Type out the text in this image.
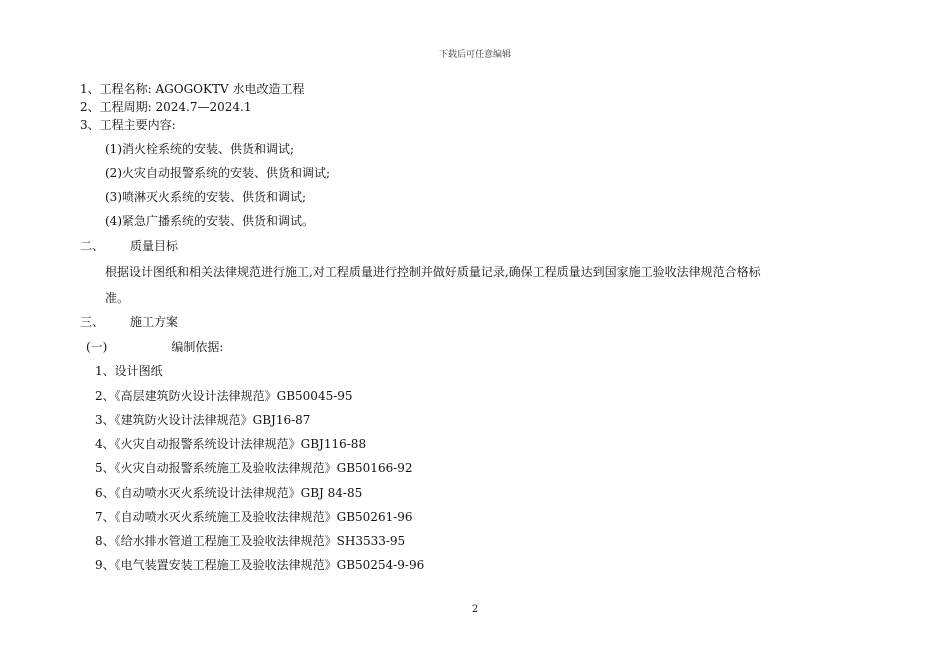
下载后可任意编辑
1、工程名称: AGOGOKTV 水电改造工程
2、工程周期: 2024.7—2024.1
3、工程主要内容:
(1)消火栓系统的安装、供货和调试;
(2)火灾自动报警系统的安装、供货和调试;
(3)喷淋灭火系统的安装、供货和调试;
(4)紧急广播系统的安装、供货和调试。
二、 质量目标
根据设计图纸和相关法律规范进行施工,对工程质量进行控制并做好质量记录,确保工程质量达到国家施工验收法律规范合格标
准。
三、 施工方案
(一)	编制依据:
1、设计图纸
2、《高层建筑防火设计法律规范》GB50045-95
3、《建筑防火设计法律规范》GBJ16-87
4、《火灾自动报警系统设计法律规范》GBJ116-88
5、《火灾自动报警系统施工及验收法律规范》GB50166-92
6、《自动喷水灭火系统设计法律规范》GBJ 84-85
7、《自动喷水灭火系统施工及验收法律规范》GB50261-96
8、《给水排水管道工程施工及验收法律规范》SH3533-95
9、《电气装置安装工程施工及验收法律规范》GB50254-9-96
2
